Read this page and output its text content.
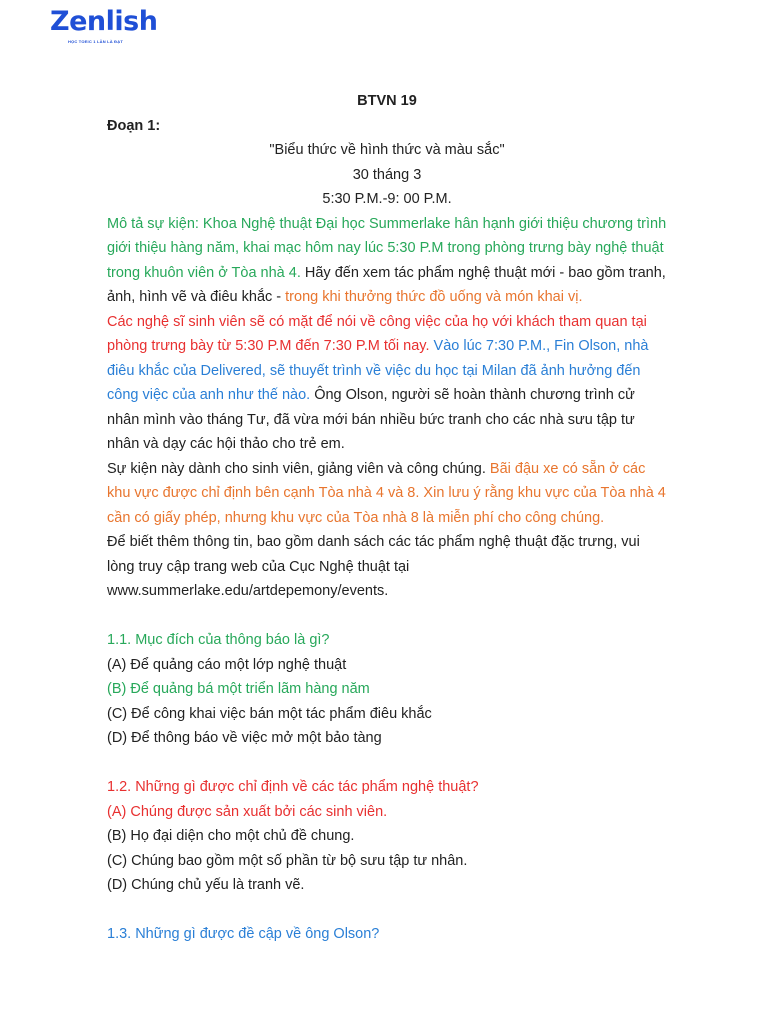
Zenlish
HỌC TOEIC 1 LẦN LÀ ĐẠT

BTVN 19

Đoạn 1:

"Biểu thức về hình thức và màu sắc"

30 tháng 3

5:30 P.M.-9: 00 P.M.

Mô tả sự kiện: Khoa Nghệ thuật Đại học Summerlake hân hạnh giới thiệu chương trình giới thiệu hàng năm, khai mạc hôm nay lúc 5:30 P.M trong phòng trưng bày nghệ thuật trong khuôn viên ở Tòa nhà 4. Hãy đến xem tác phẩm nghệ thuật mới - bao gồm tranh, ảnh, hình vẽ và điêu khắc - trong khi thưởng thức đồ uống và món khai vị.

Các nghệ sĩ sinh viên sẽ có mặt để nói về công việc của họ với khách tham quan tại phòng trưng bày từ 5:30 P.M đến 7:30 P.M tối nay. Vào lúc 7:30 P.M., Fin Olson, nhà điêu khắc của Delivered, sẽ thuyết trình về việc du học tại Milan đã ảnh hưởng đến công việc của anh như thế nào. Ông Olson, người sẽ hoàn thành chương trình cử nhân mình vào tháng Tư, đã vừa mới bán nhiều bức tranh cho các nhà sưu tập tư nhân và dạy các hội thảo cho trẻ em.

Sự kiện này dành cho sinh viên, giảng viên và công chúng. Bãi đậu xe có sẵn ở các khu vực được chỉ định bên cạnh Tòa nhà 4 và 8. Xin lưu ý rằng khu vực của Tòa nhà 4 cần có giấy phép, nhưng khu vực của Tòa nhà 8 là miễn phí cho công chúng.

Để biết thêm thông tin, bao gồm danh sách các tác phẩm nghệ thuật đặc trưng, vui lòng truy cập trang web của Cục Nghệ thuật tại www.summerlake.edu/artdepemony/events.

1.1. Mục đích của thông báo là gì?

(A) Để quảng cáo một lớp nghệ thuật

(B) Để quảng bá một triển lãm hàng năm

(C) Để công khai việc bán một tác phẩm điêu khắc

(D) Để thông báo về việc mở một bảo tàng

1.2. Những gì được chỉ định về các tác phẩm nghệ thuật?

(A) Chúng được sản xuất bởi các sinh viên.

(B) Họ đại diện cho một chủ đề chung.

(C) Chúng bao gồm một số phần từ bộ sưu tập tư nhân.

(D) Chúng chủ yếu là tranh vẽ.

1.3. Những gì được đề cập về ông Olson?
